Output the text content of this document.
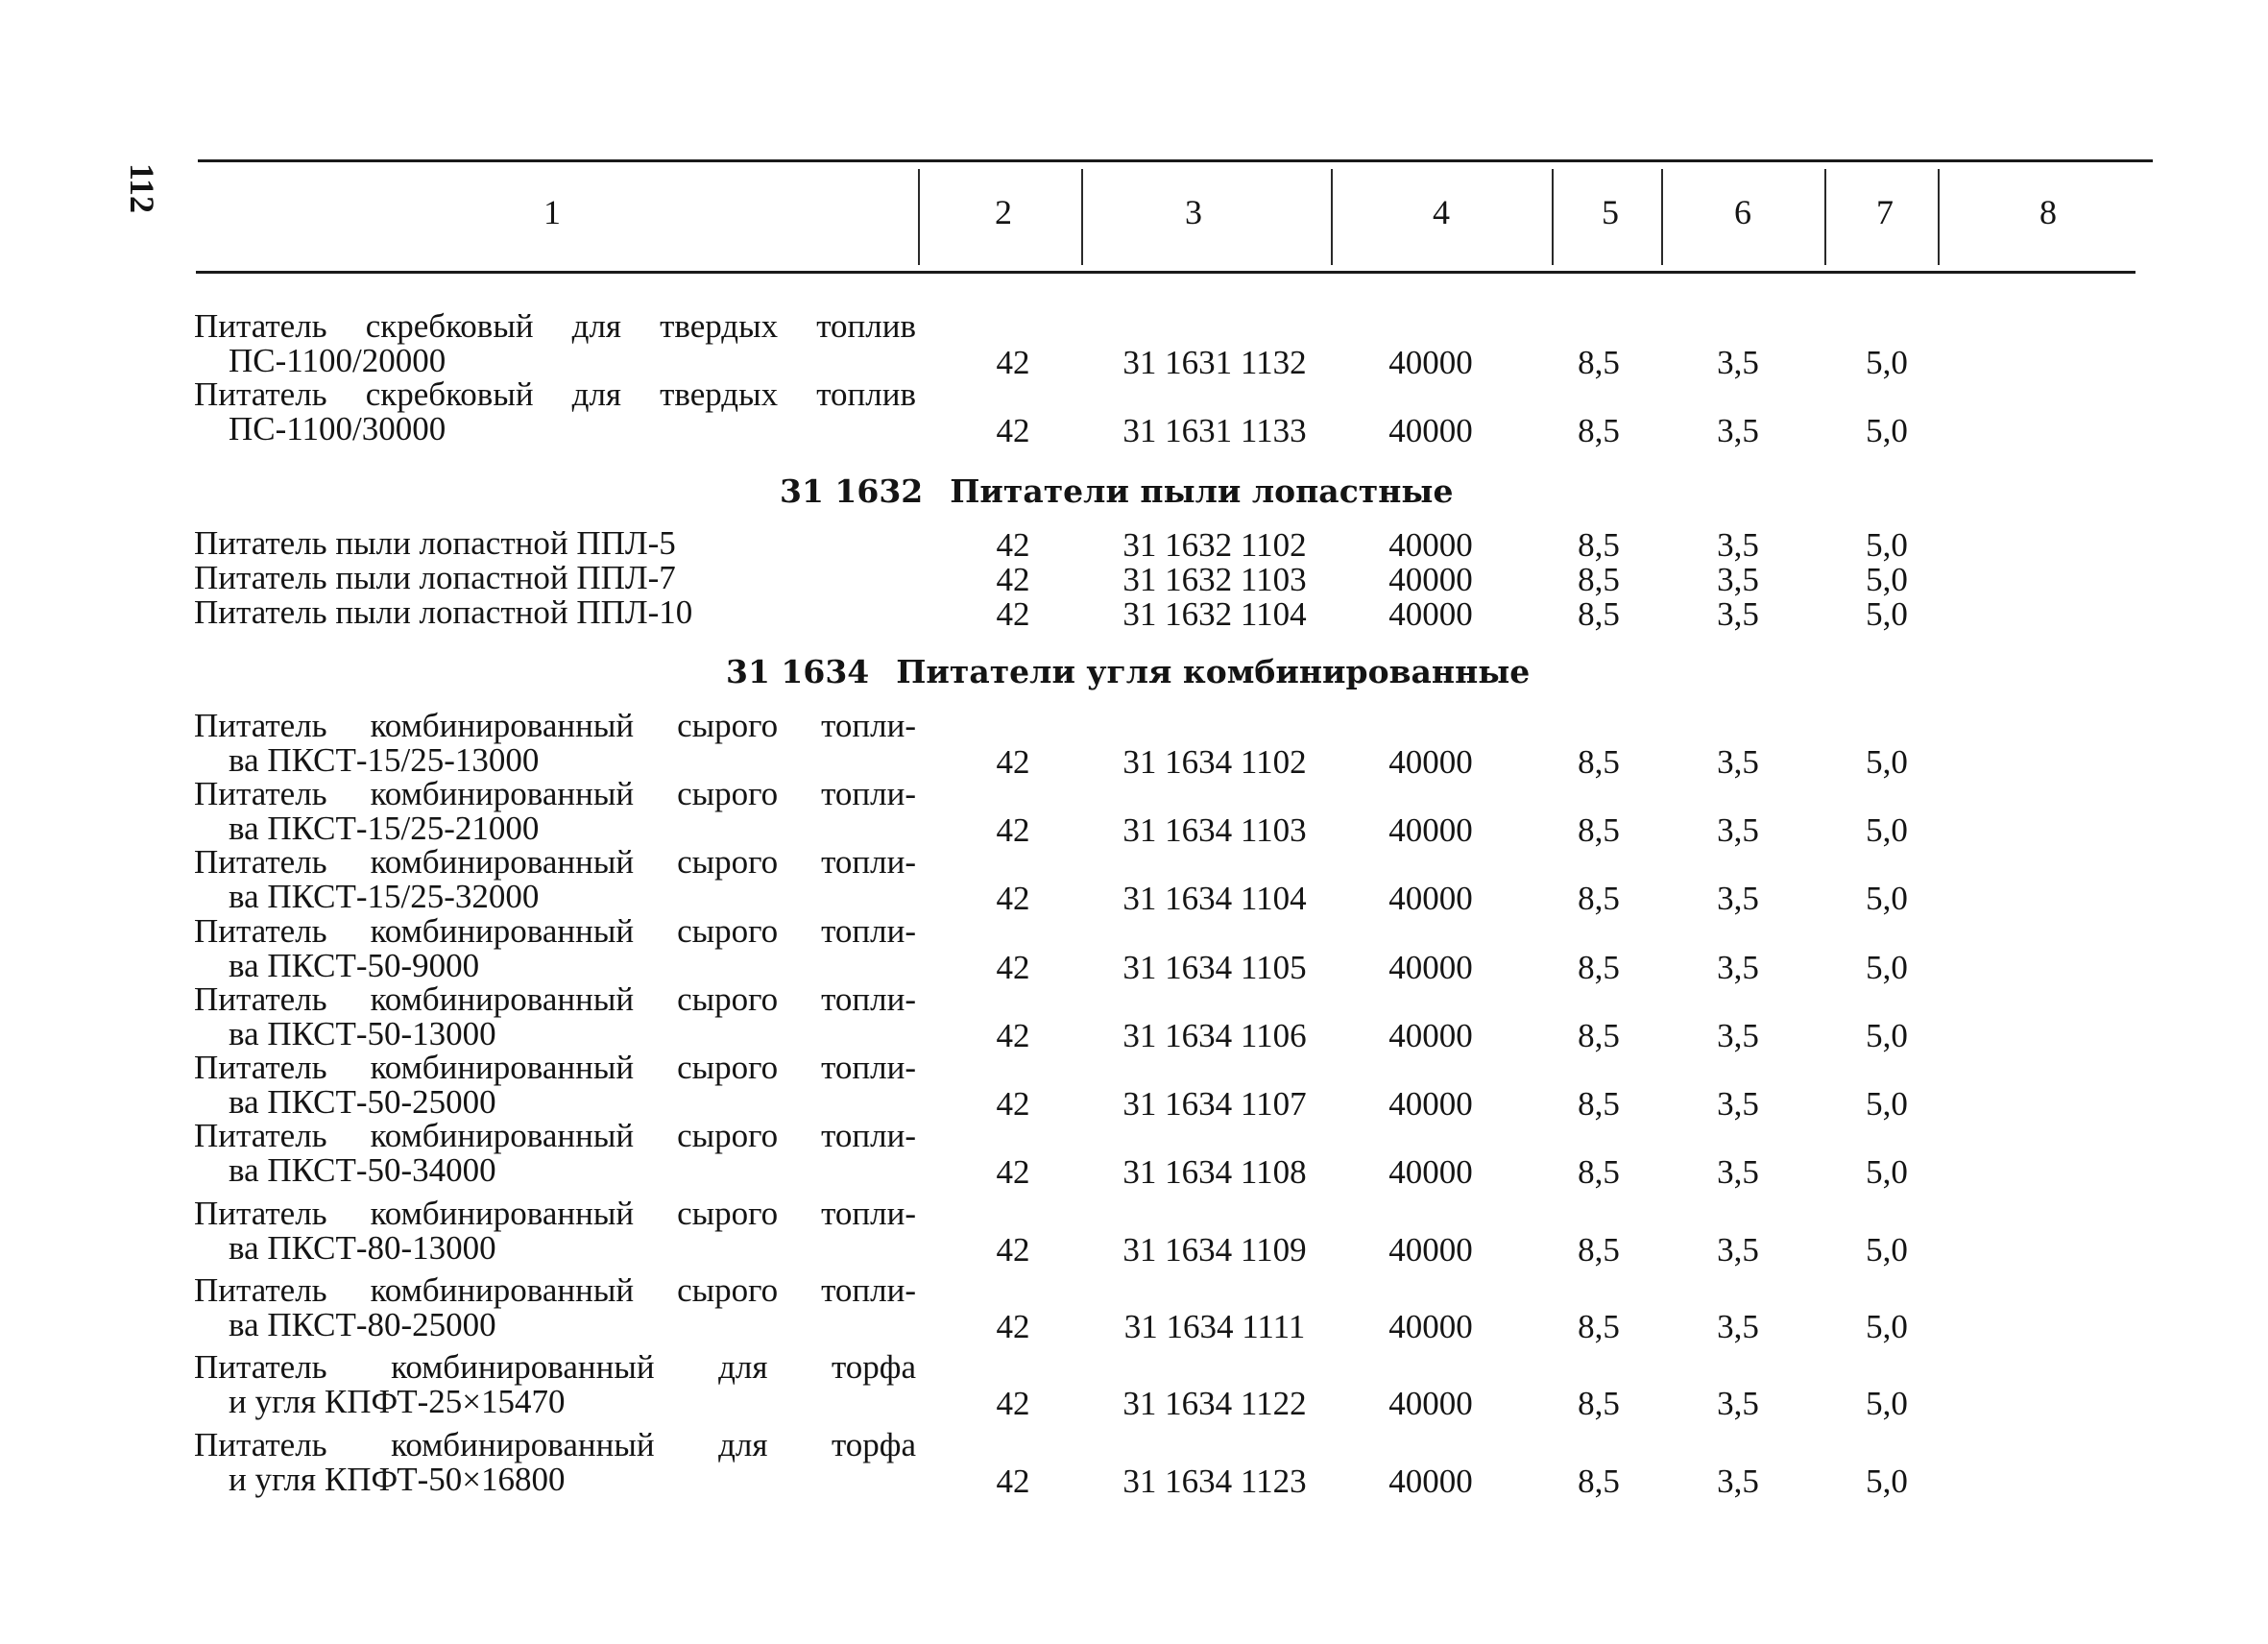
112	1	2	3	4	5	6	7	8
Питатель скребковый для твердых топлив
ПС-1100/20000	42	31 1631 1132	40000	8,5	3,5	5,0
Питатель скребковый для твердых топлив
ПС-1100/30000	42	31 1631 1133	40000	8,5	3,5	5,0
31 1632 Питатели пыли лопастные
Питатель пыли лопастной ППЛ-5	42	31 1632 1102	40000	8,5	3,5	5,0
Питатель пыли лопастной ППЛ-7	42	31 1632 1103	40000	8,5	3,5	5,0
Питатель пыли лопастной ППЛ-10	42	31 1632 1104	40000	8,5	3,5	5,0
31 1634 Питатели угля комбинированные
Питатель комбинированный сырого топли-
ва ПКСТ-15/25-13000	42	31 1634 1102	40000	8,5	3,5	5,0
Питатель комбинированный сырого топли-
ва ПКСТ-15/25-21000	42	31 1634 1103	40000	8,5	3,5	5,0
Питатель комбинированный сырого топли-
ва ПКСТ-15/25-32000	42	31 1634 1104	40000	8,5	3,5	5,0
Питатель комбинированный сырого топли-
ва ПКСТ-50-9000	42	31 1634 1105	40000	8,5	3,5	5,0
Питатель комбинированный сырого топли-
ва ПКСТ-50-13000	42	31 1634 1106	40000	8,5	3,5	5,0
Питатель комбинированный сырого топли-
ва ПКСТ-50-25000	42	31 1634 1107	40000	8,5	3,5	5,0
Питатель комбинированный сырого топли-
ва ПКСТ-50-34000	42	31 1634 1108	40000	8,5	3,5	5,0
Питатель комбинированный сырого топли-
ва ПКСТ-80-13000	42	31 1634 1109	40000	8,5	3,5	5,0
Питатель комбинированный сырого топли-
ва ПКСТ-80-25000	42	31 1634 1111	40000	8,5	3,5	5,0
Питатель комбинированный для торфа
и угля КПФТ-25×15470	42	31 1634 1122	40000	8,5	3,5	5,0
Питатель комбинированный для торфа
и угля КПФТ-50×16800	42	31 1634 1123	40000	8,5	3,5	5,0
